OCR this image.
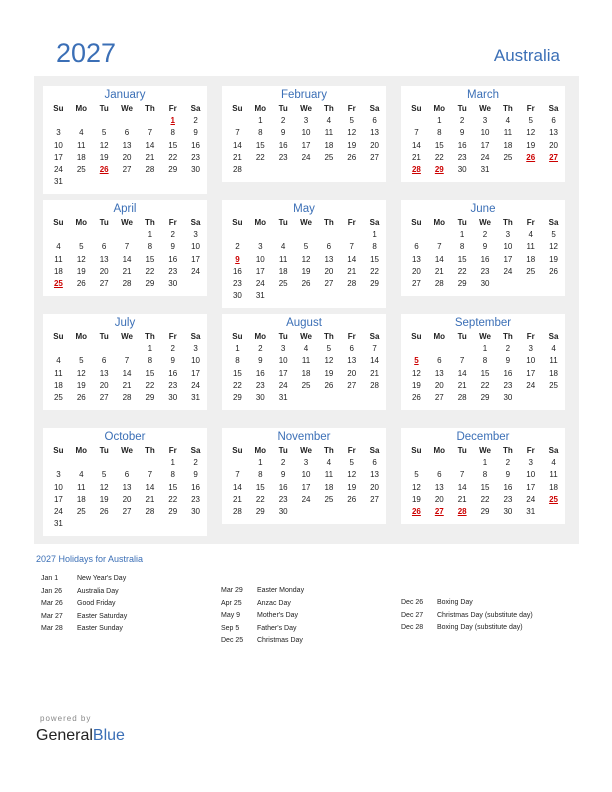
2027	Australia
January
Su	Mo	Tu	We	Th	Fr	Sa
					1	2
3	4	5	6	7	8	9
10	11	12	13	14	15	16
17	18	19	20	21	22	23
24	25	26	27	28	29	30
31						
February
Su	Mo	Tu	We	Th	Fr	Sa
	1	2	3	4	5	6
7	8	9	10	11	12	13
14	15	16	17	18	19	20
21	22	23	24	25	26	27
28						
March
Su	Mo	Tu	We	Th	Fr	Sa
	1	2	3	4	5	6
7	8	9	10	11	12	13
14	15	16	17	18	19	20
21	22	23	24	25	26	27
28	29	30	31			
April
Su	Mo	Tu	We	Th	Fr	Sa
				1	2	3
4	5	6	7	8	9	10
11	12	13	14	15	16	17
18	19	20	21	22	23	24
25	26	27	28	29	30	
May
Su	Mo	Tu	We	Th	Fr	Sa
						1
2	3	4	5	6	7	8
9	10	11	12	13	14	15
16	17	18	19	20	21	22
23	24	25	26	27	28	29
30	31					
June
Su	Mo	Tu	We	Th	Fr	Sa
		1	2	3	4	5
6	7	8	9	10	11	12
13	14	15	16	17	18	19
20	21	22	23	24	25	26
27	28	29	30			
July
Su	Mo	Tu	We	Th	Fr	Sa
				1	2	3
4	5	6	7	8	9	10
11	12	13	14	15	16	17
18	19	20	21	22	23	24
25	26	27	28	29	30	31
August
Su	Mo	Tu	We	Th	Fr	Sa
1	2	3	4	5	6	7
8	9	10	11	12	13	14
15	16	17	18	19	20	21
22	23	24	25	26	27	28
29	30	31				
September
Su	Mo	Tu	We	Th	Fr	Sa
			1	2	3	4
5	6	7	8	9	10	11
12	13	14	15	16	17	18
19	20	21	22	23	24	25
26	27	28	29	30		
October
Su	Mo	Tu	We	Th	Fr	Sa
					1	2
3	4	5	6	7	8	9
10	11	12	13	14	15	16
17	18	19	20	21	22	23
24	25	26	27	28	29	30
31						
November
Su	Mo	Tu	We	Th	Fr	Sa
	1	2	3	4	5	6
7	8	9	10	11	12	13
14	15	16	17	18	19	20
21	22	23	24	25	26	27
28	29	30				
December
Su	Mo	Tu	We	Th	Fr	Sa
			1	2	3	4
5	6	7	8	9	10	11
12	13	14	15	16	17	18
19	20	21	22	23	24	25
26	27	28	29	30	31	
2027 Holidays for Australia
Jan 1	New Year's Day
Jan 26 Australia Day
Mar 26 Good Friday
Mar 27 Easter Saturday
Mar 28 Easter Sunday
Mar 29 Easter Monday
Apr 25 Anzac Day
May 9 Mother's Day
Sep 5	Father's Day
Dec 25 Christmas Day
Dec 26 Boxing Day
Dec 27 Christmas Day (substitute day)
Dec 28 Boxing Day (substitute day)
powered by
GeneralBlue
